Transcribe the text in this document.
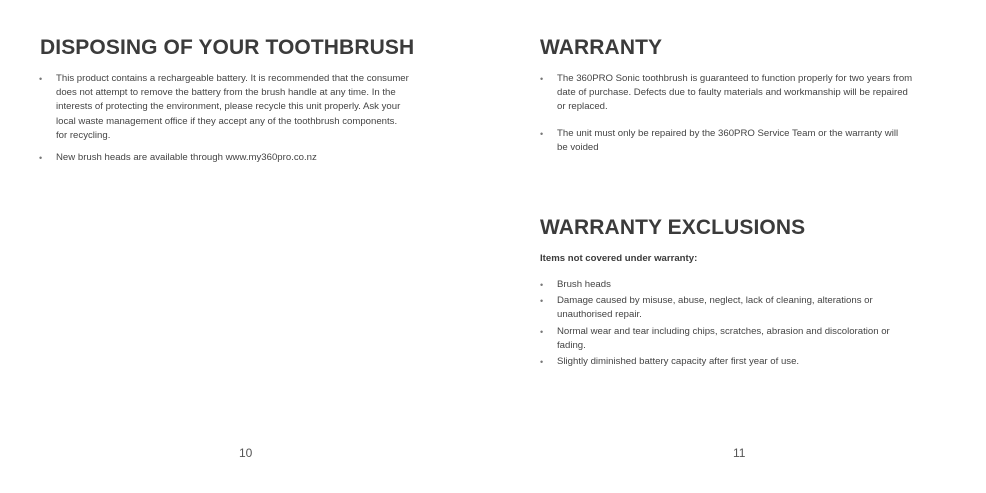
DISPOSING OF YOUR TOOTHBRUSH
• This product contains a rechargeable battery. It is recommended that the consumer
does not attempt to remove the battery from the brush handle at any time. In the
interests of protecting the environment, please recycle this unit properly. Ask your
local waste management office if they accept any of the toothbrush components.
for recycling.
• New brush heads are available through www.my360pro.co.nz
10
WARRANTY
• The 360PRO Sonic toothbrush is guaranteed to function properly for two years from
date of purchase. Defects due to faulty materials and workmanship will be repaired
or replaced.
• The unit must only be repaired by the 360PRO Service Team or the warranty will
be voided
WARRANTY EXCLUSIONS
Items not covered under warranty:
• Brush heads
• Damage caused by misuse, abuse, neglect, lack of cleaning, alterations or
unauthorised repair.
• Normal wear and tear including chips, scratches, abrasion and discoloration or
fading.
• Slightly diminished battery capacity after first year of use.
11
